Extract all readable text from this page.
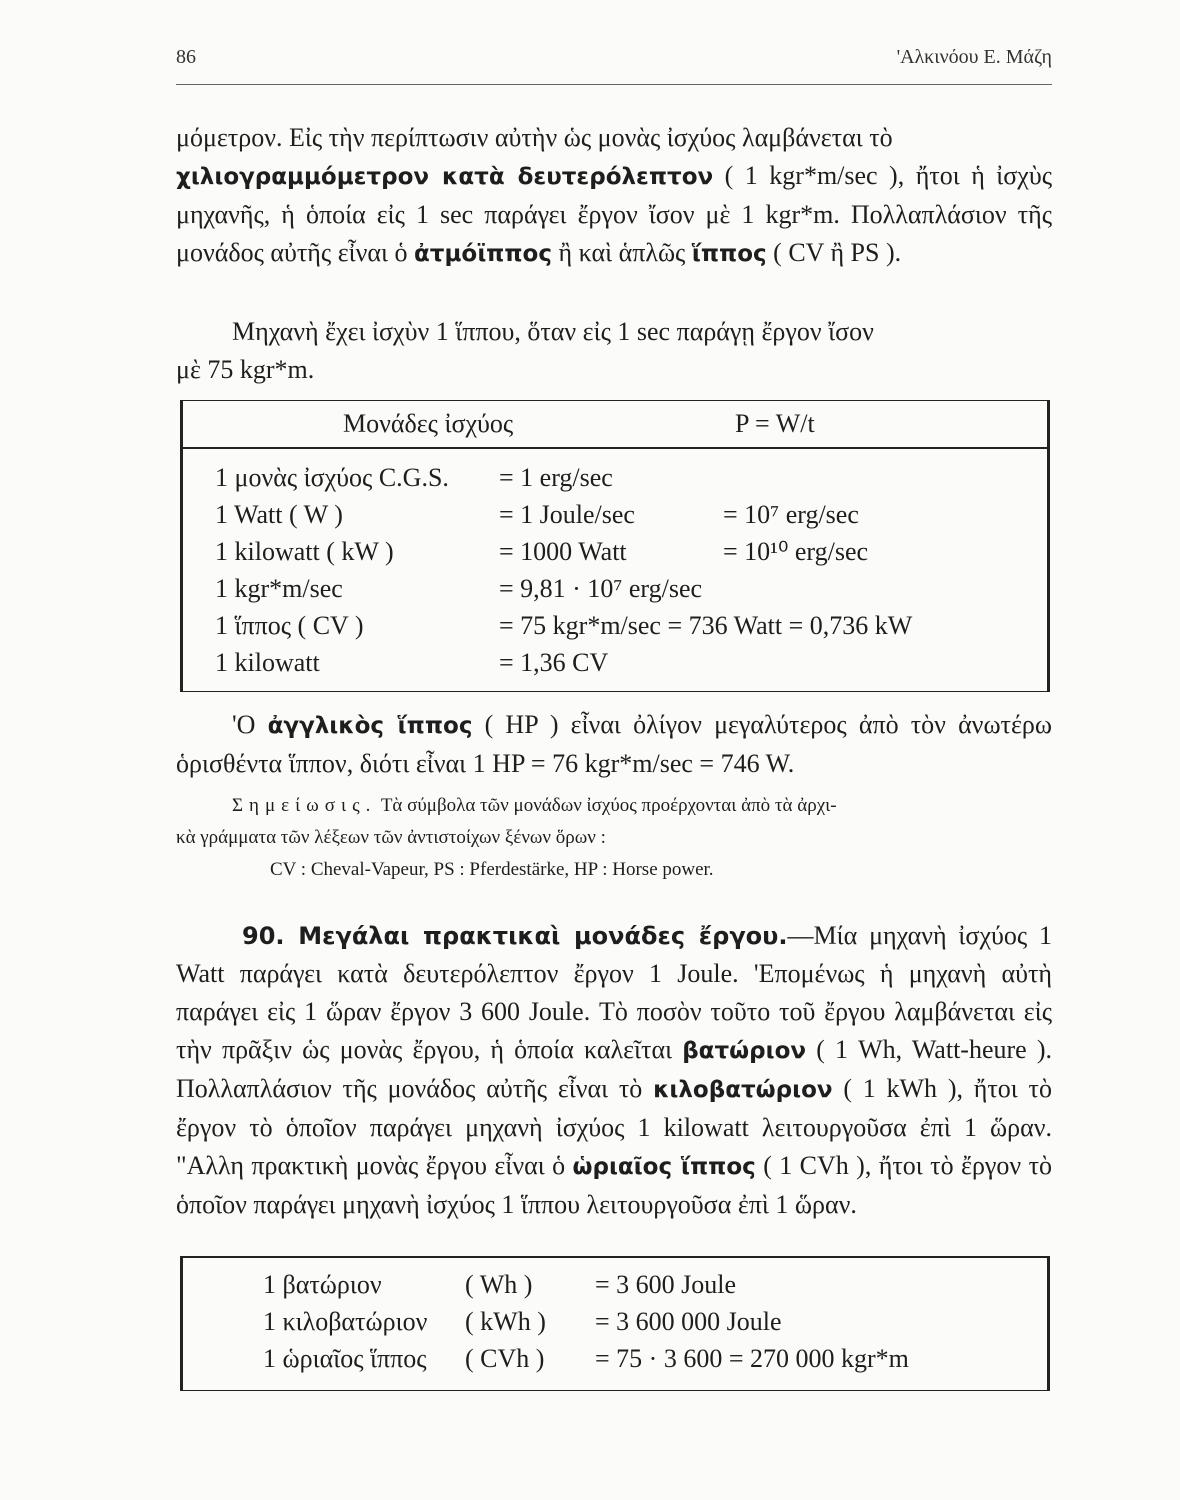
86	'Αλκινόου Ε. Μάζη

μόμετρον. Εἰς τὴν περίπτωσιν αὐτὴν ὡς μονὰς ἰσχύος λαμβάνεται τὸ
χιλιογραμμόμετρον κατὰ δευτερόλεπτον ( 1 kgr*m/sec ), ἤτοι ἡ ἰσχὺς μηχανῆς, ἡ ὁποία εἰς 1 sec παράγει ἔργον ἴσον μὲ 1 kgr*m. Πολλαπλάσιον τῆς μονάδος αὐτῆς εἶναι ὁ ἀτμόϊππος ἢ καὶ ἁπλῶς ἵππος ( CV ἢ PS ).

Μηχανὴ ἔχει ἰσχὺν 1 ἵππου, ὅταν εἰς 1 sec παράγῃ ἔργον ἴσον
μὲ 75 kgr*m.

Μονάδες ἰσχύος	P = W/t
1 μονὰς ἰσχύος C.G.S. = 1 erg/sec
1 Watt ( W )	= 1 Joule/sec	= 10⁷ erg/sec
1 kilowatt ( kW )	= 1000 Watt	= 10¹⁰ erg/sec
1 kgr*m/sec	= 9,81 · 10⁷ erg/sec
1 ἵππος ( CV )	= 75 kgr*m/sec = 736 Watt = 0,736 kW
1 kilowatt	= 1,36 CV

'Ο ἀγγλικὸς ἵππος ( HP ) εἶναι ὀλίγον μεγαλύτερος ἀπὸ τὸν ἀνωτέρω ὁρισθέντα ἵππον, διότι εἶναι 1 HP = 76 kgr*m/sec = 746 W.

Σημείωσις. Τὰ σύμβολα τῶν μονάδων ἰσχύος προέρχονται ἀπὸ τὰ ἀρχι-
κὰ γράμματα τῶν λέξεων τῶν ἀντιστοίχων ξένων ὅρων :
CV : Cheval-Vapeur, PS : Pferdestärke, HP : Horse power.

90. Μεγάλαι πρακτικαὶ μονάδες ἔργου.—Μία μηχανὴ ἰσχύος 1 Watt παράγει κατὰ δευτερόλεπτον ἔργον 1 Joule. 'Επομένως ἡ μηχανὴ αὐτὴ παράγει εἰς 1 ὥραν ἔργον 3 600 Joule. Τὸ ποσὸν τοῦτο τοῦ ἔργου λαμβάνεται εἰς τὴν πρᾶξιν ὡς μονὰς ἔργου, ἡ ὁποία καλεῖται βατώριον ( 1 Wh, Watt-heure ). Πολλαπλάσιον τῆς μονάδος αὐτῆς εἶναι τὸ κιλοβατώριον ( 1 kWh ), ἤτοι τὸ ἔργον τὸ ὁποῖον παράγει μηχανὴ ἰσχύος 1 kilowatt λειτουργοῦσα ἐπὶ 1 ὥραν. "Αλλη πρακτικὴ μονὰς ἔργου εἶναι ὁ ὡριαῖος ἵππος ( 1 CVh ), ἤτοι τὸ ἔργον τὸ ὁποῖον παράγει μηχανὴ ἰσχύος 1 ἵππου λειτουργοῦσα ἐπὶ 1 ὥραν.

1 βατώριον	( Wh ) = 3 600 Joule
1 κιλοβατώριον ( kWh ) = 3 600 000 Joule
1 ὡριαῖος ἵππος ( CVh ) = 75 · 3 600 = 270 000 kgr*m
